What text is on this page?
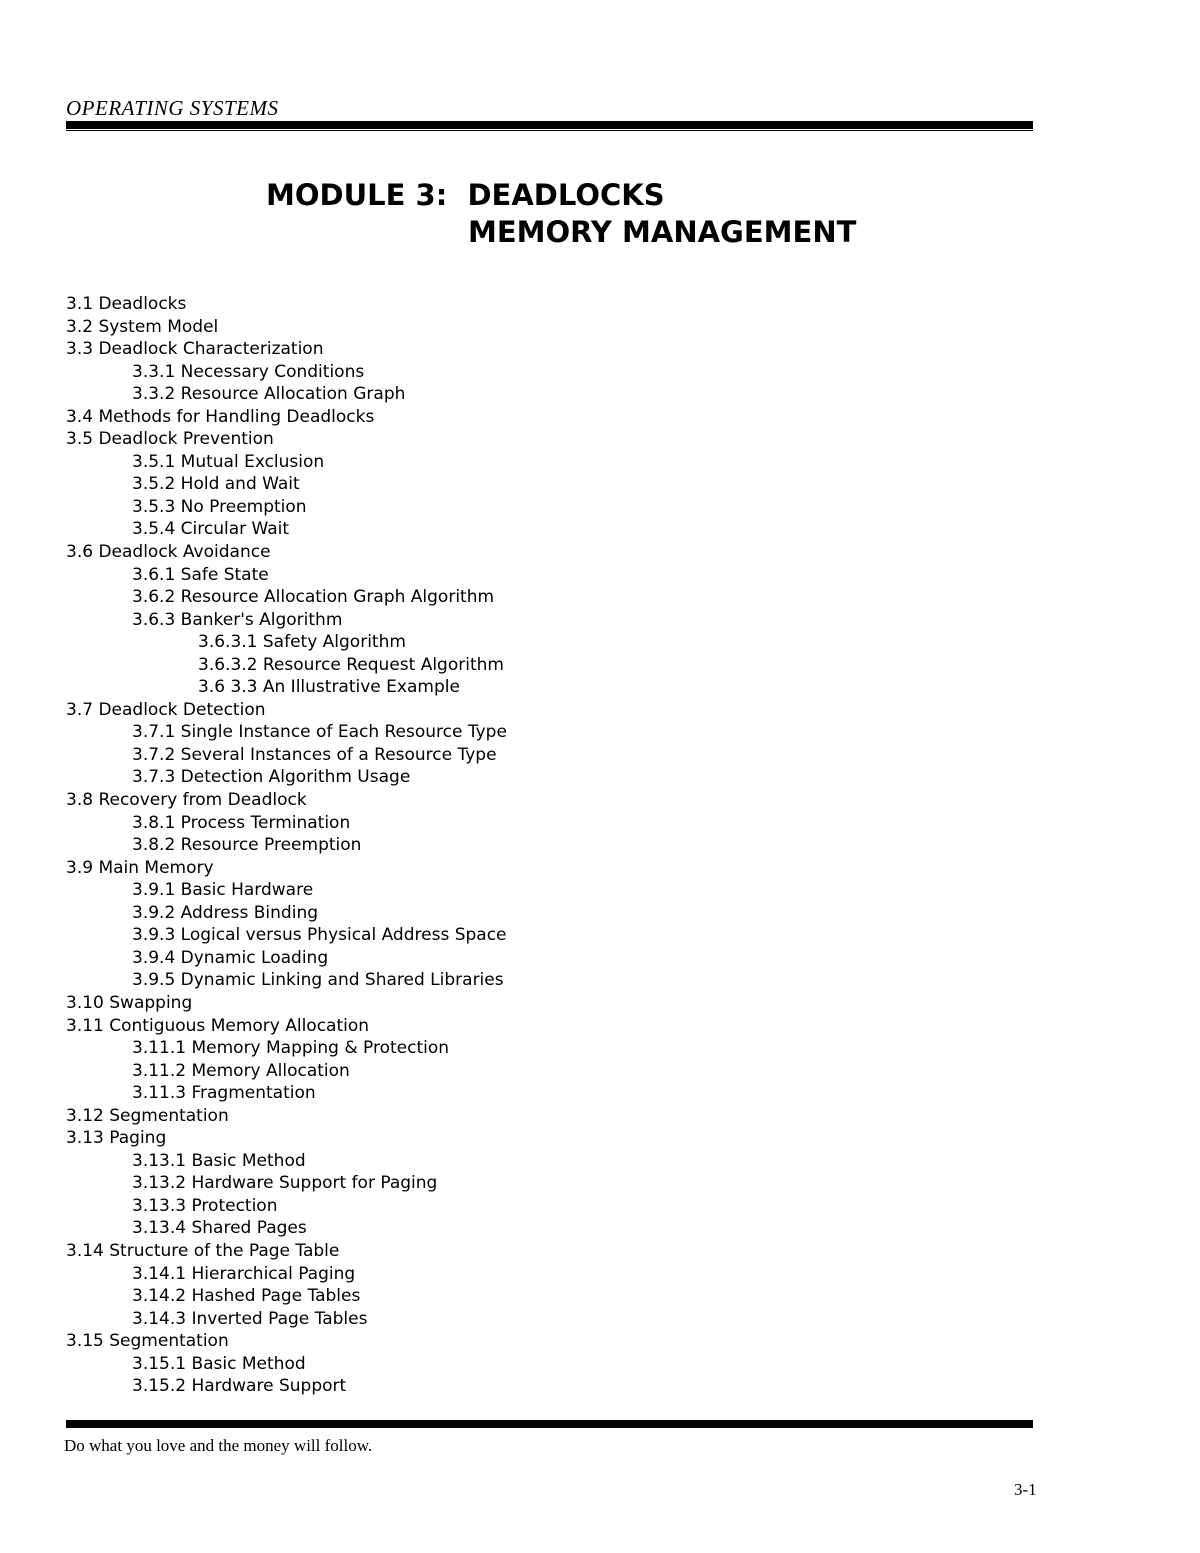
OPERATING SYSTEMS
MODULE 3:  DEADLOCKS
MEMORY MANAGEMENT
3.1 Deadlocks
3.2 System Model
3.3 Deadlock Characterization
3.3.1 Necessary Conditions
3.3.2 Resource Allocation Graph
3.4 Methods for Handling Deadlocks
3.5 Deadlock Prevention
3.5.1 Mutual Exclusion
3.5.2 Hold and Wait
3.5.3 No Preemption
3.5.4 Circular Wait
3.6 Deadlock Avoidance
3.6.1 Safe State
3.6.2 Resource Allocation Graph Algorithm
3.6.3 Banker's Algorithm
3.6.3.1 Safety Algorithm
3.6.3.2 Resource Request Algorithm
3.6 3.3 An Illustrative Example
3.7 Deadlock Detection
3.7.1 Single Instance of Each Resource Type
3.7.2 Several Instances of a Resource Type
3.7.3 Detection Algorithm Usage
3.8 Recovery from Deadlock
3.8.1 Process Termination
3.8.2 Resource Preemption
3.9 Main Memory
3.9.1 Basic Hardware
3.9.2 Address Binding
3.9.3 Logical versus Physical Address Space
3.9.4 Dynamic Loading
3.9.5 Dynamic Linking and Shared Libraries
3.10 Swapping
3.11 Contiguous Memory Allocation
3.11.1 Memory Mapping & Protection
3.11.2 Memory Allocation
3.11.3 Fragmentation
3.12 Segmentation
3.13 Paging
3.13.1 Basic Method
3.13.2 Hardware Support for Paging
3.13.3 Protection
3.13.4 Shared Pages
3.14 Structure of the Page Table
3.14.1 Hierarchical Paging
3.14.2 Hashed Page Tables
3.14.3 Inverted Page Tables
3.15 Segmentation
3.15.1 Basic Method
3.15.2 Hardware Support

Do what you love and the money will follow.

3-1
